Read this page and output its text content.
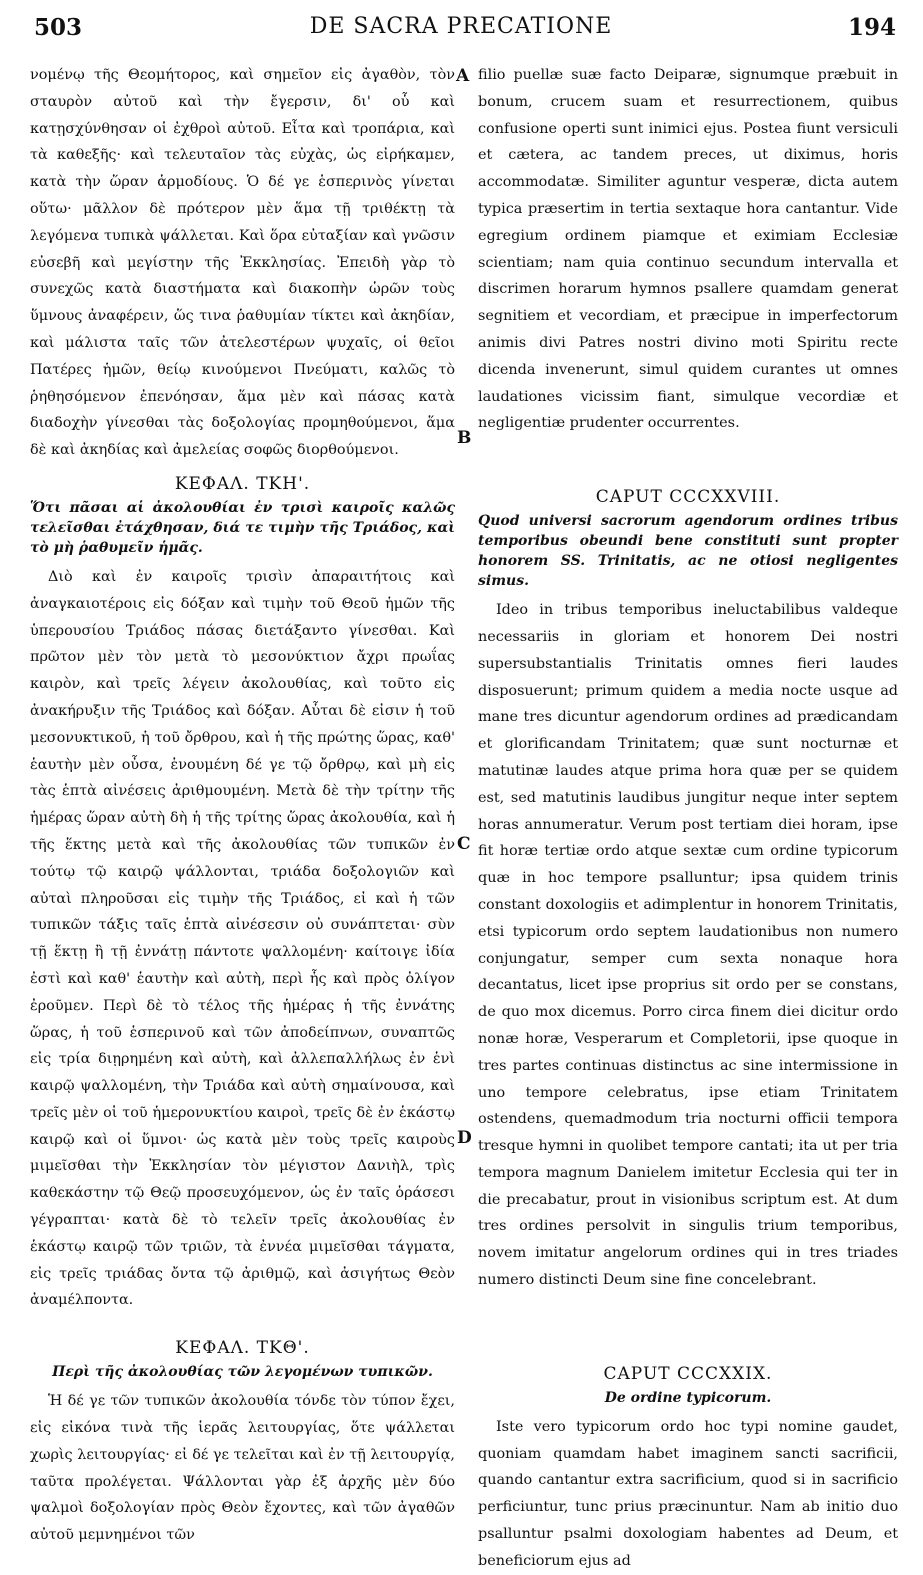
503	DE SACRA PRECATIONE	194
A
B
C
D

νομένῳ τῆς Θεομήτορος, καὶ σημεῖον εἰς ἀγαθὸν, τὸν σταυρὸν αὐτοῦ καὶ τὴν ἔγερσιν, δι' οὗ καὶ κατῃσχύνθησαν οἱ ἐχθροὶ αὐτοῦ. Εἶτα καὶ τροπάρια, καὶ τὰ καθεξῆς· καὶ τελευταῖον τὰς εὐχὰς, ὡς εἰρήκαμεν, κατὰ τὴν ὥραν ἁρμοδίους. Ὁ δέ γε ἑσπερινὸς γίνεται οὕτω· μᾶλλον δὲ πρότερον μὲν ἅμα τῇ τριθέκτῃ τὰ λεγόμενα τυπικὰ ψάλλεται. Καὶ ὅρα εὐταξίαν καὶ γνῶσιν εὐσεβῆ καὶ μεγίστην τῆς Ἐκκλησίας. Ἐπειδὴ γὰρ τὸ συνεχῶς κατὰ διαστήματα καὶ διακοπὴν ὡρῶν τοὺς ὕμνους ἀναφέρειν, ὥς τινα ῥαθυμίαν τίκτει καὶ ἀκηδίαν, καὶ μάλιστα ταῖς τῶν ἀτελεστέρων ψυχαῖς, οἱ θεῖοι Πατέρες ἡμῶν, θείῳ κινούμενοι Πνεύματι, καλῶς τὸ ῥηθησόμενον ἐπενόησαν, ἅμα μὲν καὶ πάσας κατὰ διαδοχὴν γίνεσθαι τὰς δοξολογίας προμηθούμενοι, ἅμα δὲ καὶ ἀκηδίας καὶ ἀμελείας σοφῶς διορθούμενοι.

ΚΕΦΑΛ. ΤΚΗ'.
Ὅτι πᾶσαι αἱ ἀκολουθίαι ἐν τρισὶ καιροῖς καλῶς τελεῖσθαι ἐτάχθησαν, διά τε τιμὴν τῆς Τριάδος, καὶ τὸ μὴ ῥαθυμεῖν ἡμᾶς.

Διὸ καὶ ἐν καιροῖς τρισὶν ἀπαραιτήτοις καὶ ἀναγκαιοτέροις εἰς δόξαν καὶ τιμὴν τοῦ Θεοῦ ἡμῶν τῆς ὑπερουσίου Τριάδος πάσας διετάξαντο γίνεσθαι. Καὶ πρῶτον μὲν τὸν μετὰ τὸ μεσονύκτιον ἄχρι πρωΐας καιρὸν, καὶ τρεῖς λέγειν ἀκολουθίας, καὶ τοῦτο εἰς ἀνακήρυξιν τῆς Τριάδος καὶ δόξαν. Αὗται δὲ εἰσιν ἡ τοῦ μεσονυκτικοῦ, ἡ τοῦ ὄρθρου, καὶ ἡ τῆς πρώτης ὥρας, καθ' ἑαυτὴν μὲν οὖσα, ἑνουμένη δέ γε τῷ ὄρθρῳ, καὶ μὴ εἰς τὰς ἑπτὰ αἰνέσεις ἀριθμουμένη. Μετὰ δὲ τὴν τρίτην τῆς ἡμέρας ὥραν αὐτὴ δὴ ἡ τῆς τρίτης ὥρας ἀκολουθία, καὶ ἡ τῆς ἕκτης μετὰ καὶ τῆς ἀκολουθίας τῶν τυπικῶν ἐν τούτῳ τῷ καιρῷ ψάλλονται, τριάδα δοξολογιῶν καὶ αὐταὶ πληροῦσαι εἰς τιμὴν τῆς Τριάδος, εἰ καὶ ἡ τῶν τυπικῶν τάξις ταῖς ἑπτὰ αἰνέσεσιν οὐ συνάπτεται· σὺν τῇ ἕκτῃ ἢ τῇ ἐννάτῃ πάντοτε ψαλλομένη· καίτοιγε ἰδία ἐστὶ καὶ καθ' ἑαυτὴν καὶ αὐτὴ, περὶ ἧς καὶ πρὸς ὀλίγον ἐροῦμεν. Περὶ δὲ τὸ τέλος τῆς ἡμέρας ἡ τῆς ἐννάτης ὥρας, ἡ τοῦ ἑσπερινοῦ καὶ τῶν ἀποδείπνων, συναπτῶς εἰς τρία διῃρημένη καὶ αὐτὴ, καὶ ἀλλεπαλλήλως ἐν ἑνὶ καιρῷ ψαλλομένη, τὴν Τριάδα καὶ αὐτὴ σημαίνουσα, καὶ τρεῖς μὲν οἱ τοῦ ἡμερονυκτίου καιροὶ, τρεῖς δὲ ἐν ἑκάστῳ καιρῷ καὶ οἱ ὕμνοι· ὡς κατὰ μὲν τοὺς τρεῖς καιροὺς μιμεῖσθαι τὴν Ἐκκλησίαν τὸν μέγιστον Δανιὴλ, τρὶς καθεκάστην τῷ Θεῷ προσευχόμενον, ὡς ἐν ταῖς ὁράσεσι γέγραπται· κατὰ δὲ τὸ τελεῖν τρεῖς ἀκολουθίας ἐν ἑκάστῳ καιρῷ τῶν τριῶν, τὰ ἐννέα μιμεῖσθαι τάγματα, εἰς τρεῖς τριάδας ὄντα τῷ ἀριθμῷ, καὶ ἀσιγήτως Θεὸν ἀναμέλποντα.

ΚΕΦΑΛ. ΤΚΘ'.
Περὶ τῆς ἀκολουθίας τῶν λεγομένων τυπικῶν.

Ἡ δέ γε τῶν τυπικῶν ἀκολουθία τόνδε τὸν τύπον ἔχει, εἰς εἰκόνα τινὰ τῆς ἱερᾶς λειτουργίας, ὅτε ψάλλεται χωρὶς λειτουργίας· εἰ δέ γε τελεῖται καὶ ἐν τῇ λειτουργίᾳ, ταῦτα προλέγεται. Ψάλλονται γὰρ ἐξ ἀρχῆς μὲν δύο ψαλμοὶ δοξολογίαν πρὸς Θεὸν ἔχοντες, καὶ τῶν ἀγαθῶν αὐτοῦ μεμνημένοι τῶν

filio puellæ suæ facto Deiparæ, signumque præbuit in bonum, crucem suam et resurrectionem, quibus confusione operti sunt inimici ejus. Postea fiunt versiculi et cætera, ac tandem preces, ut diximus, horis accommodatæ. Similiter aguntur vesperæ, dicta autem typica præsertim in tertia sextaque hora cantantur. Vide egregium ordinem piamque et eximiam Ecclesiæ scientiam; nam quia continuo secundum intervalla et discrimen horarum hymnos psallere quamdam generat segnitiem et vecordiam, et præcipue in imperfectorum animis divi Patres nostri divino moti Spiritu recte dicenda invenerunt, simul quidem curantes ut omnes laudationes vicissim fiant, simulque vecordiæ et negligentiæ prudenter occurrentes.

CAPUT CCCXXVIII.
Quod universi sacrorum agendorum ordines tribus temporibus obeundi bene constituti sunt propter honorem SS. Trinitatis, ac ne otiosi negligentes simus.

Ideo in tribus temporibus ineluctabilibus valdeque necessariis in gloriam et honorem Dei nostri supersubstantialis Trinitatis omnes fieri laudes disposuerunt; primum quidem a media nocte usque ad mane tres dicuntur agendorum ordines ad prædicandam et glorificandam Trinitatem; quæ sunt nocturnæ et matutinæ laudes atque prima hora quæ per se quidem est, sed matutinis laudibus jungitur neque inter septem horas annumeratur. Verum post tertiam diei horam, ipse fit horæ tertiæ ordo atque sextæ cum ordine typicorum quæ in hoc tempore psalluntur; ipsa quidem trinis constant doxologiis et adimplentur in honorem Trinitatis, etsi typicorum ordo septem laudationibus non numero conjungatur, semper cum sexta nonaque hora decantatus, licet ipse proprius sit ordo per se constans, de quo mox dicemus. Porro circa finem diei dicitur ordo nonæ horæ, Vesperarum et Completorii, ipse quoque in tres partes continuas distinctus ac sine intermissione in uno tempore celebratus, ipse etiam Trinitatem ostendens, quemadmodum tria nocturni officii tempora tresque hymni in quolibet tempore cantati; ita ut per tria tempora magnum Danielem imitetur Ecclesia qui ter in die precabatur, prout in visionibus scriptum est. At dum tres ordines persolvit in singulis trium temporibus, novem imitatur angelorum ordines qui in tres triades numero distincti Deum sine fine concelebrant.

CAPUT CCCXXIX.
De ordine typicorum.

Iste vero typicorum ordo hoc typi nomine gaudet, quoniam quamdam habet imaginem sancti sacrificii, quando cantantur extra sacrificium, quod si in sacrificio perficiuntur, tunc prius præcinuntur. Nam ab initio duo psalluntur psalmi doxologiam habentes ad Deum, et beneficiorum ejus ad
